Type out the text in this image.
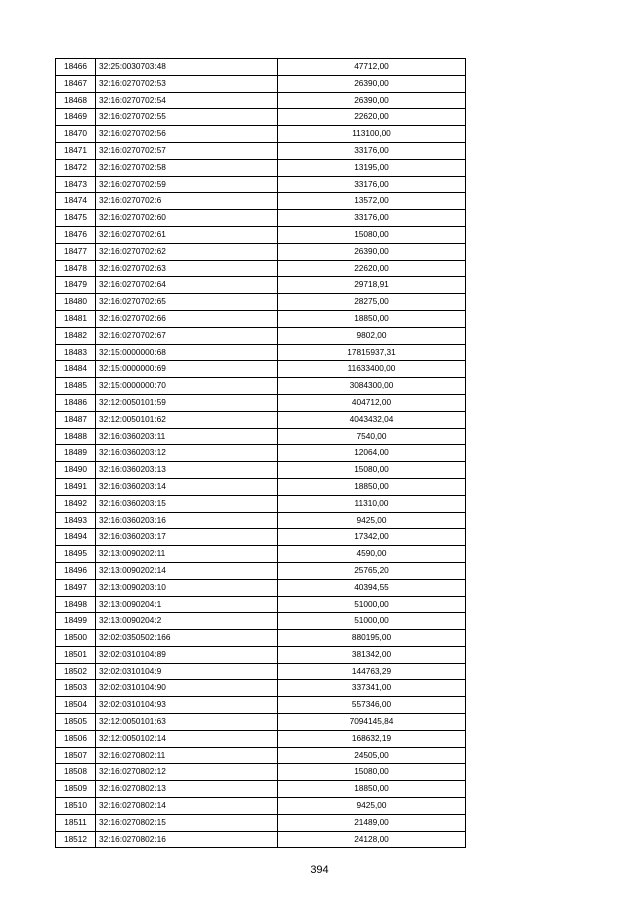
18466	32:25:0030703:48	47712,00
18467	32:16:0270702:53	26390,00
18468	32:16:0270702:54	26390,00
18469	32:16:0270702:55	22620,00
18470	32:16:0270702:56	113100,00
18471	32:16:0270702:57	33176,00
18472	32:16:0270702:58	13195,00
18473	32:16:0270702:59	33176,00
18474	32:16:0270702:6	13572,00
18475	32:16:0270702:60	33176,00
18476	32:16:0270702:61	15080,00
18477	32:16:0270702:62	26390,00
18478	32:16:0270702:63	22620,00
18479	32:16:0270702:64	29718,91
18480	32:16:0270702:65	28275,00
18481	32:16:0270702:66	18850,00
18482	32:16:0270702:67	9802,00
18483	32:15:0000000:68	17815937,31
18484	32:15:0000000:69	11633400,00
18485	32:15:0000000:70	3084300,00
18486	32:12:0050101:59	404712,00
18487	32:12:0050101:62	4043432,04
18488	32:16:0360203:11	7540,00
18489	32:16:0360203:12	12064,00
18490	32:16:0360203:13	15080,00
18491	32:16:0360203:14	18850,00
18492	32:16:0360203:15	11310,00
18493	32:16:0360203:16	9425,00
18494	32:16:0360203:17	17342,00
18495	32:13:0090202:11	4590,00
18496	32:13:0090202:14	25765,20
18497	32:13:0090203:10	40394,55
18498	32:13:0090204:1	51000,00
18499	32:13:0090204:2	51000,00
18500	32:02:0350502:166	880195,00
18501	32:02:0310104:89	381342,00
18502	32:02:0310104:9	144763,29
18503	32:02:0310104:90	337341,00
18504	32:02:0310104:93	557346,00
18505	32:12:0050101:63	7094145,84
18506	32:12:0050102:14	168632,19
18507	32:16:0270802:11	24505,00
18508	32:16:0270802:12	15080,00
18509	32:16:0270802:13	18850,00
18510	32:16:0270802:14	9425,00
18511	32:16:0270802:15	21489,00
18512	32:16:0270802:16	24128,00
394
